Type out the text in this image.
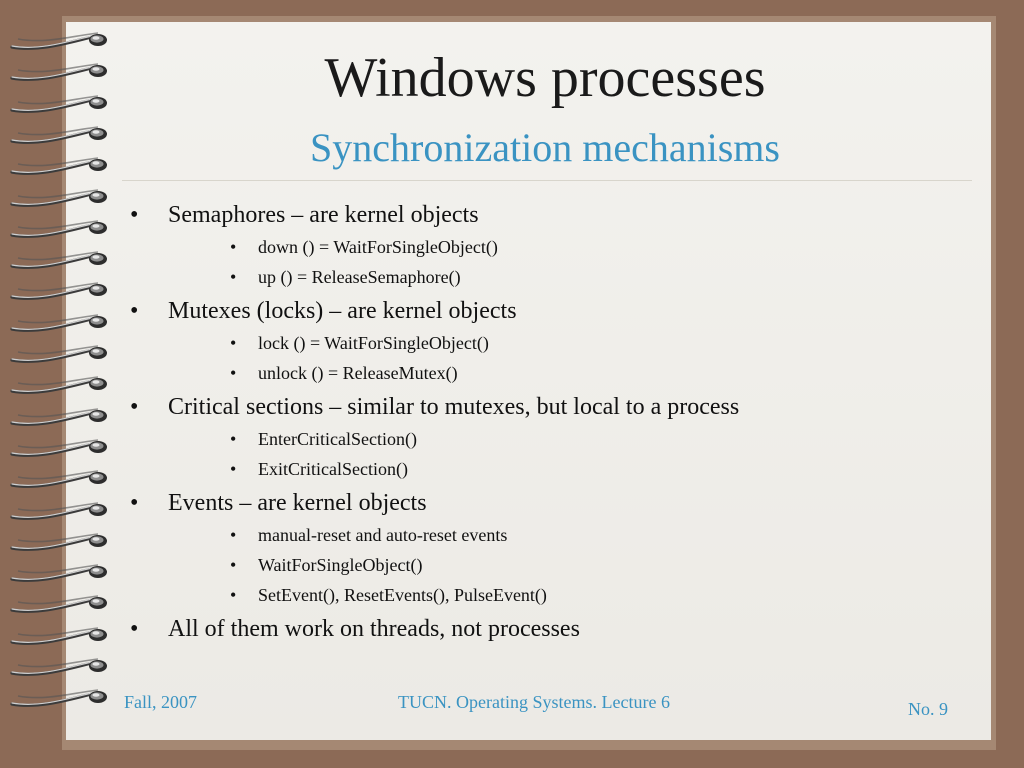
Windows processes
Synchronization mechanisms
• Semaphores – are kernel objects
• down () = WaitForSingleObject()
• up () = ReleaseSemaphore()
• Mutexes (locks) – are kernel objects
• lock () = WaitForSingleObject()
• unlock () = ReleaseMutex()
• Critical sections – similar to mutexes, but local to a process
• EnterCriticalSection()
• ExitCriticalSection()
• Events – are kernel objects
• manual-reset and auto-reset events
• WaitForSingleObject()
• SetEvent(), ResetEvents(), PulseEvent()
• All of them work on threads, not processes
Fall, 2007	TUCN. Operating Systems. Lecture 6	No. 9
